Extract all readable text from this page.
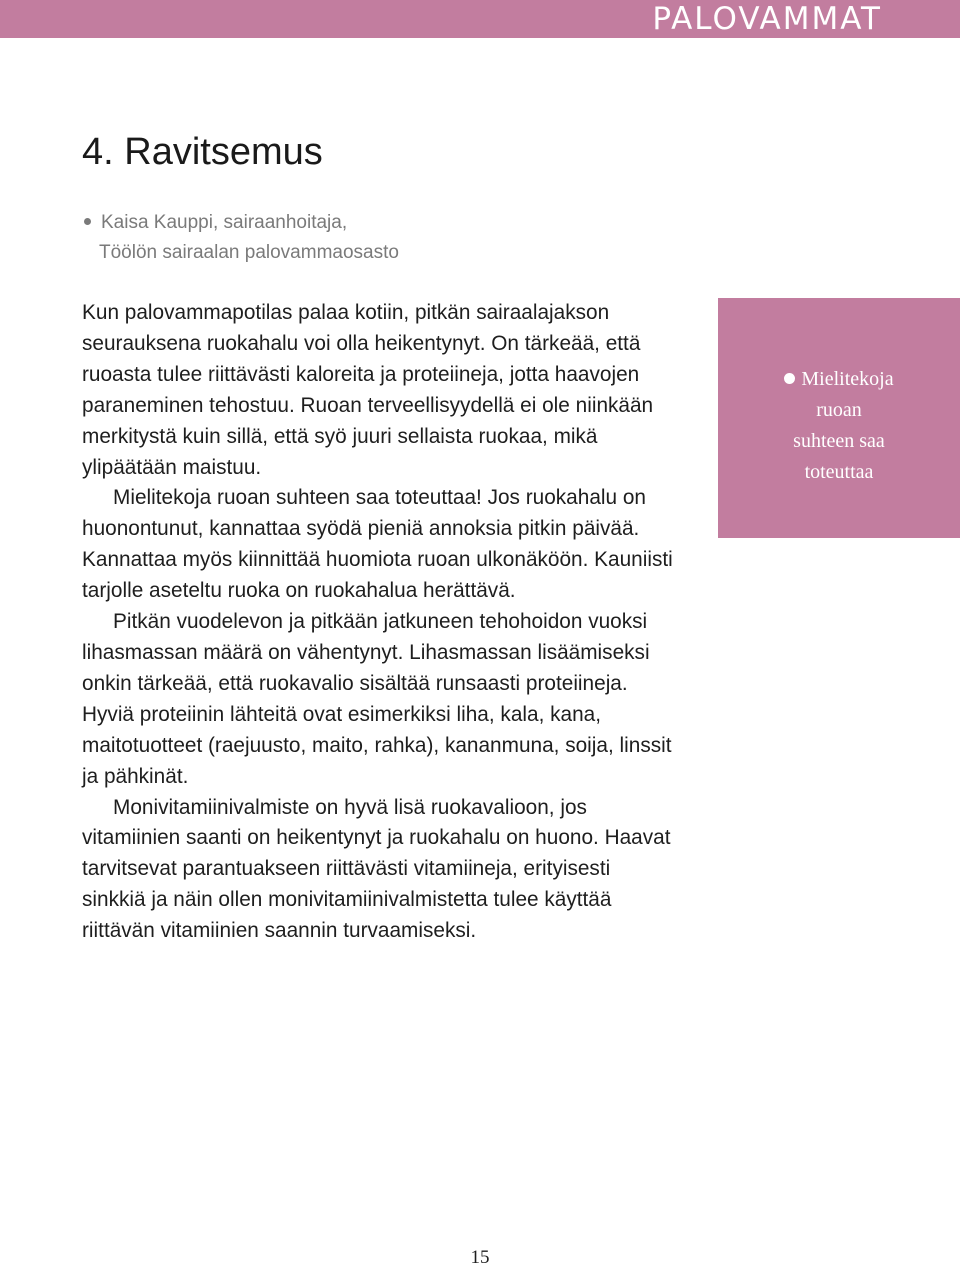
PALOVAMMAT
4. Ravitsemus
Kaisa Kauppi, sairaanhoitaja,
Töölön sairaalan palovammaosasto

Kun palovammapotilas palaa kotiin, pitkän sairaalajakson seurauksena ruokahalu voi olla heikentynyt. On tärkeää, että ruoasta tulee riittävästi kaloreita ja proteiineja, jotta haavojen paraneminen tehostuu. Ruoan terveellisyydellä ei ole niinkään merkitystä kuin sillä, että syö juuri sellaista ruokaa, mikä ylipäätään maistuu.

Mielitekoja ruoan suhteen saa toteuttaa! Jos ruokahalu on huonontunut, kannattaa syödä pieniä annoksia pitkin päivää. Kannattaa myös kiinnittää huomiota ruoan ulkonäköön. Kauniisti tarjolle aseteltu ruoka on ruokahalua herättävä.

Pitkän vuodelevon ja pitkään jatkuneen tehohoidon vuoksi lihasmassan määrä on vähentynyt. Lihasmassan lisäämiseksi onkin tärkeää, että ruokavalio sisältää runsaasti proteiineja. Hyviä proteiinin lähteitä ovat esimerkiksi liha, kala, kana, maitotuotteet (raejuusto, maito, rahka), kananmuna, soija, linssit ja pähkinät.

Monivitamiinivalmiste on hyvä lisä ruokavalioon, jos vitamiinien saanti on heikentynyt ja ruokahalu on huono. Haavat tarvitsevat parantuakseen riittävästi vitamiineja, erityisesti sinkkiä ja näin ollen monivitamiinivalmistetta tulee käyttää riittävän vitamiinien saannin turvaamiseksi.

Mielitekoja
ruoan
suhteen saa
toteuttaa
15
